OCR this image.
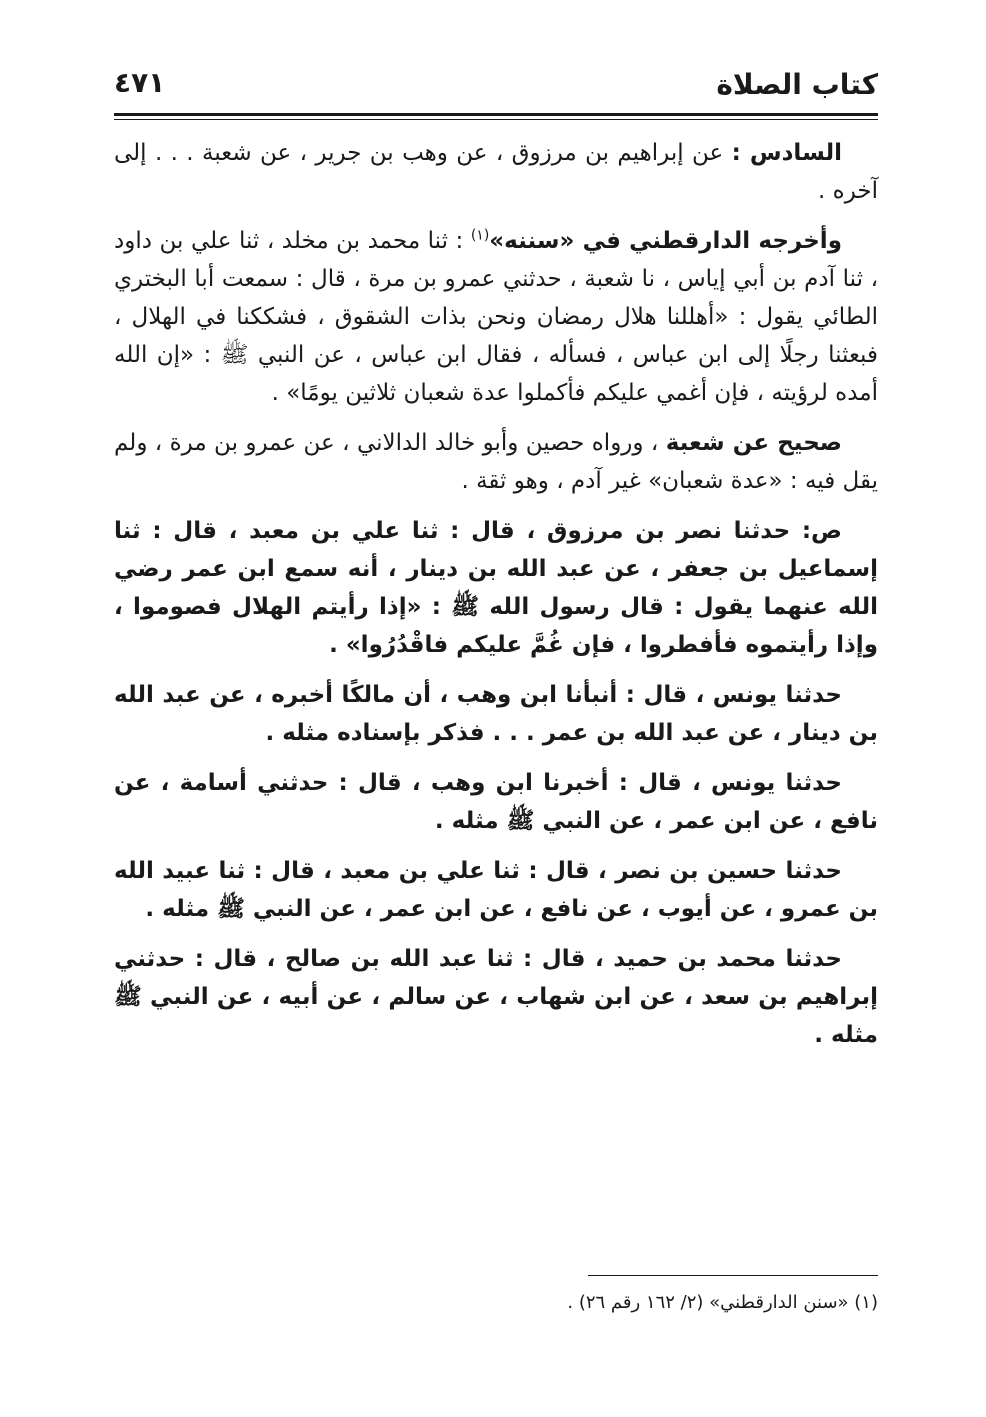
كتاب الصلاة
٤٧١

السادس : عن إبراهيم بن مرزوق ، عن وهب بن جرير ، عن شعبة . . . إلى آخره .

وأخرجه الدارقطني في «سننه»$^{(١)}$ : ثنا محمد بن مخلد ، ثنا علي بن داود ، ثنا آدم بن أبي إياس ، نا شعبة ، حدثني عمرو بن مرة ، قال : سمعت أبا البختري الطائي يقول : «أهللنا هلال رمضان ونحن بذات الشقوق ، فشككنا في الهلال ، فبعثنا رجلًا إلى ابن عباس ، فسأله ، فقال ابن عباس ، عن النبي ﷺ : «إن الله أمده لرؤيته ، فإن أغمي عليكم فأكملوا عدة شعبان ثلاثين يومًا» .

صحيح عن شعبة ، ورواه حصين وأبو خالد الدالاني ، عن عمرو بن مرة ، ولم يقل فيه : «عدة شعبان» غير آدم ، وهو ثقة .

ص: حدثنا نصر بن مرزوق ، قال : ثنا علي بن معبد ، قال : ثنا إسماعيل بن جعفر ، عن عبد الله بن دينار ، أنه سمع ابن عمر رضي الله عنهما يقول : قال رسول الله ﷺ : «إذا رأيتم الهلال فصوموا ، وإذا رأيتموه فأفطروا ، فإن غُمَّ عليكم فاقْدُرُوا» .

حدثنا يونس ، قال : أنبأنا ابن وهب ، أن مالكًا أخبره ، عن عبد الله بن دينار ، عن عبد الله بن عمر . . . فذكر بإسناده مثله .

حدثنا يونس ، قال : أخبرنا ابن وهب ، قال : حدثني أسامة ، عن نافع ، عن ابن عمر ، عن النبي ﷺ مثله .

حدثنا حسين بن نصر ، قال : ثنا علي بن معبد ، قال : ثنا عبيد الله بن عمرو ، عن أيوب ، عن نافع ، عن ابن عمر ، عن النبي ﷺ مثله .

حدثنا محمد بن حميد ، قال : ثنا عبد الله بن صالح ، قال : حدثني إبراهيم بن سعد ، عن ابن شهاب ، عن سالم ، عن أبيه ، عن النبي ﷺ مثله .

(١) «سنن الدارقطني» (٢/ ١٦٢ رقم ٢٦) .
